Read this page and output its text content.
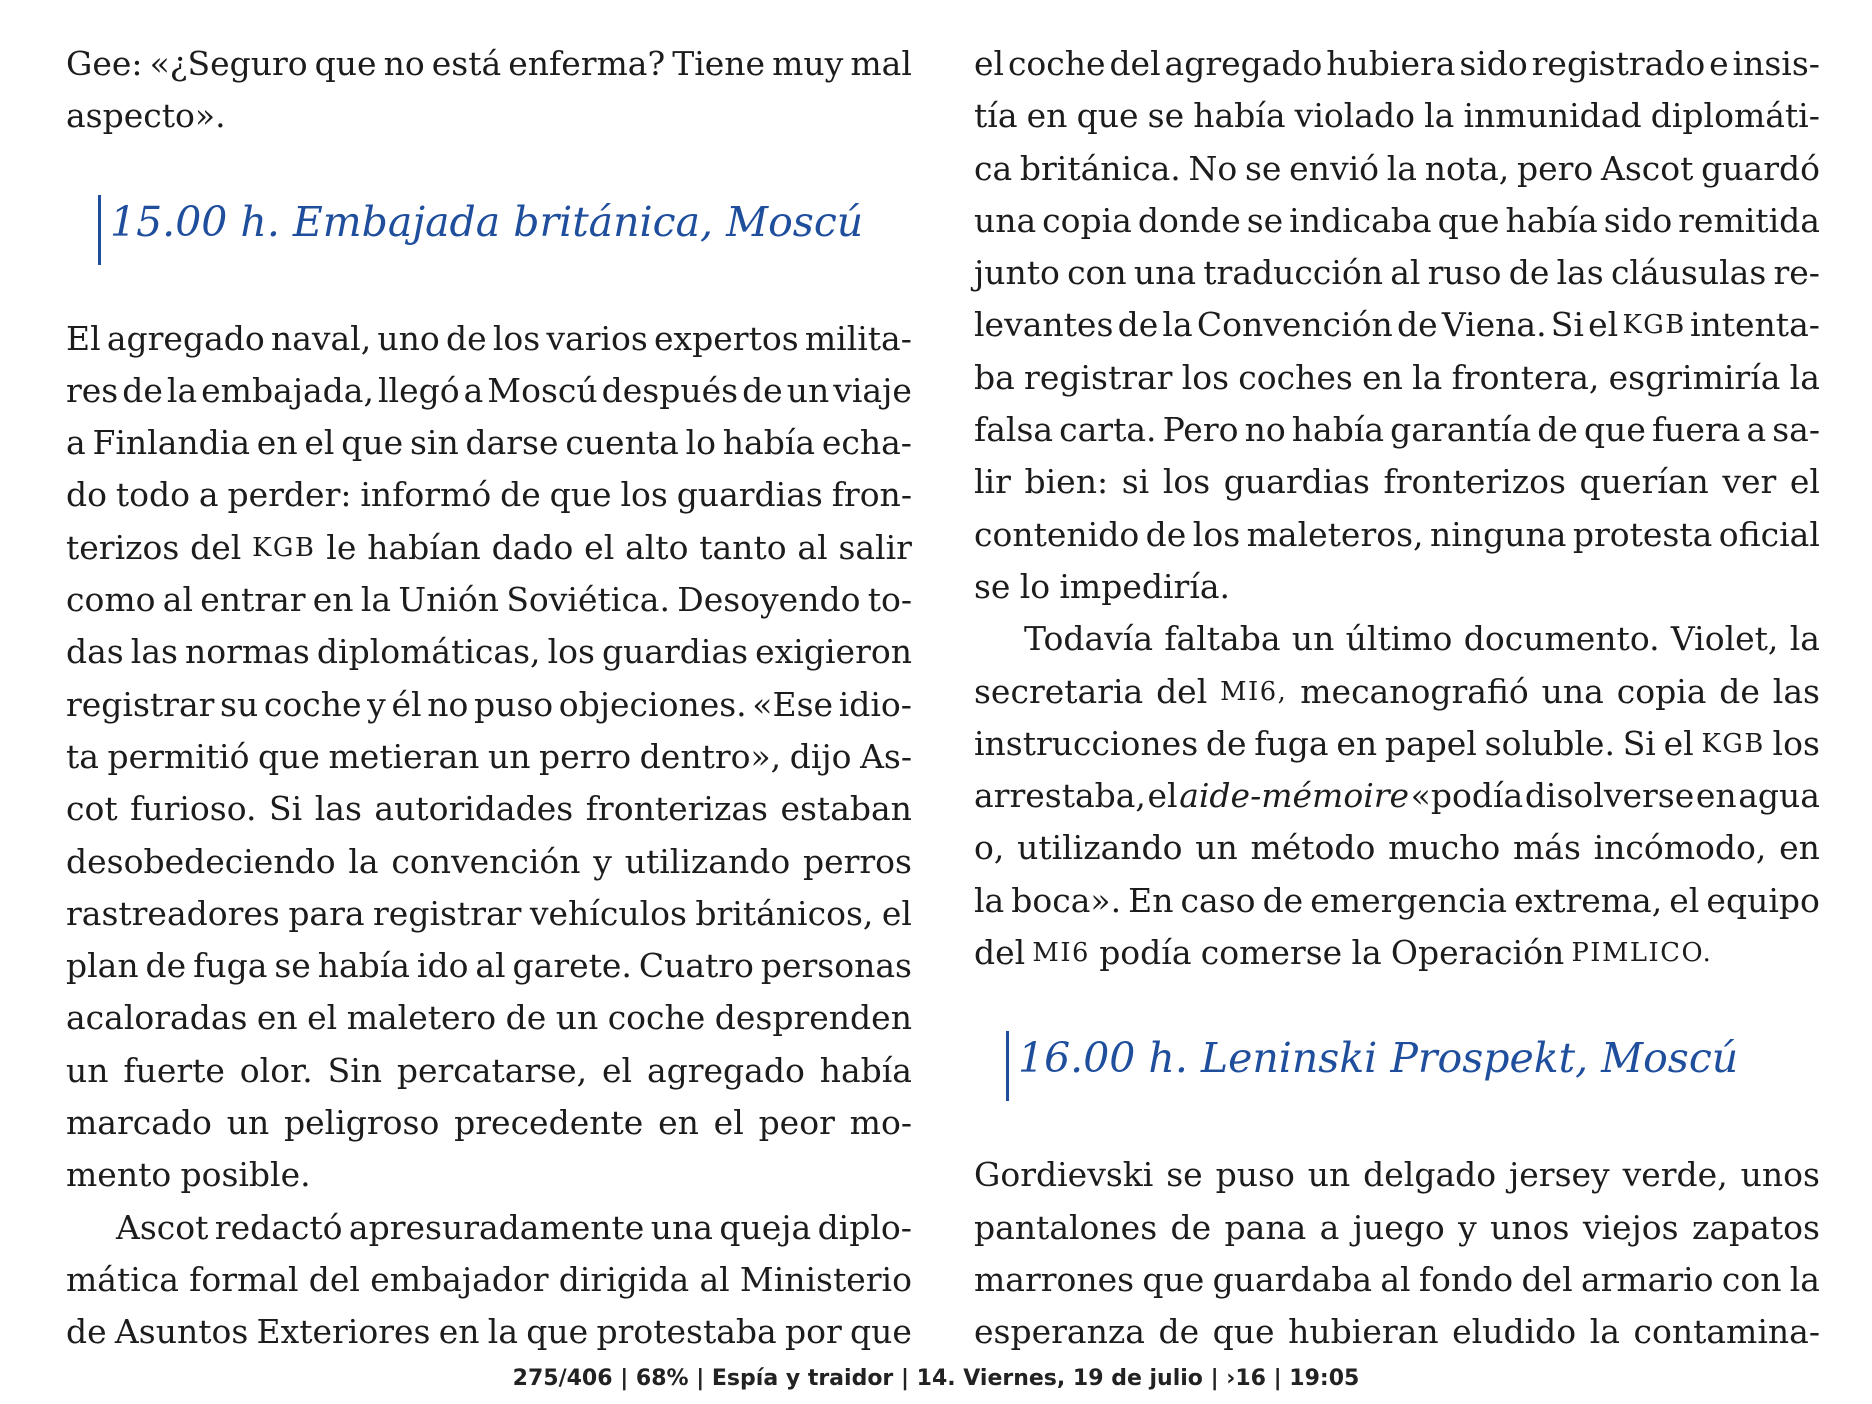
Gee: «¿Seguro que no está enferma? Tiene muy mal
aspecto».
15.00 h. Embajada británica, Moscú
El agregado naval, uno de los varios expertos milita-
res de la embajada, llegó a Moscú después de un viaje
a Finlandia en el que sin darse cuenta lo había echa-
do todo a perder: informó de que los guardias fron-
terizos del KGB le habían dado el alto tanto al salir
como al entrar en la Unión Soviética. Desoyendo to-
das las normas diplomáticas, los guardias exigieron
registrar su coche y él no puso objeciones. «Ese idio-
ta permitió que metieran un perro dentro», dijo As-
cot furioso. Si las autoridades fronterizas estaban
desobedeciendo la convención y utilizando perros
rastreadores para registrar vehículos británicos, el
plan de fuga se había ido al garete. Cuatro personas
acaloradas en el maletero de un coche desprenden
un fuerte olor. Sin percatarse, el agregado había
marcado un peligroso precedente en el peor mo-
mento posible.
Ascot redactó apresuradamente una queja diplo-
mática formal del embajador dirigida al Ministerio
de Asuntos Exteriores en la que protestaba por que
el coche del agregado hubiera sido registrado e insis-
tía en que se había violado la inmunidad diplomáti-
ca británica. No se envió la nota, pero Ascot guardó
una copia donde se indicaba que había sido remitida
junto con una traducción al ruso de las cláusulas re-
levantes de la Convención de Viena. Si el KGB intenta-
ba registrar los coches en la frontera, esgrimiría la
falsa carta. Pero no había garantía de que fuera a sa-
lir bien: si los guardias fronterizos querían ver el
contenido de los maleteros, ninguna protesta oficial
se lo impediría.
Todavía faltaba un último documento. Violet, la
secretaria del MI6, mecanografió una copia de las
instrucciones de fuga en papel soluble. Si el KGB los
arrestaba, el aide-mémoire «podía disolverse en agua
o, utilizando un método mucho más incómodo, en
la boca». En caso de emergencia extrema, el equipo
del MI6 podía comerse la Operación PIMLICO.
16.00 h. Leninski Prospekt, Moscú
Gordievski se puso un delgado jersey verde, unos
pantalones de pana a juego y unos viejos zapatos
marrones que guardaba al fondo del armario con la
esperanza de que hubieran eludido la contamina-
275/406 | 68% | Espía y traidor | 14. Viernes, 19 de julio | ›16 | 19:05
